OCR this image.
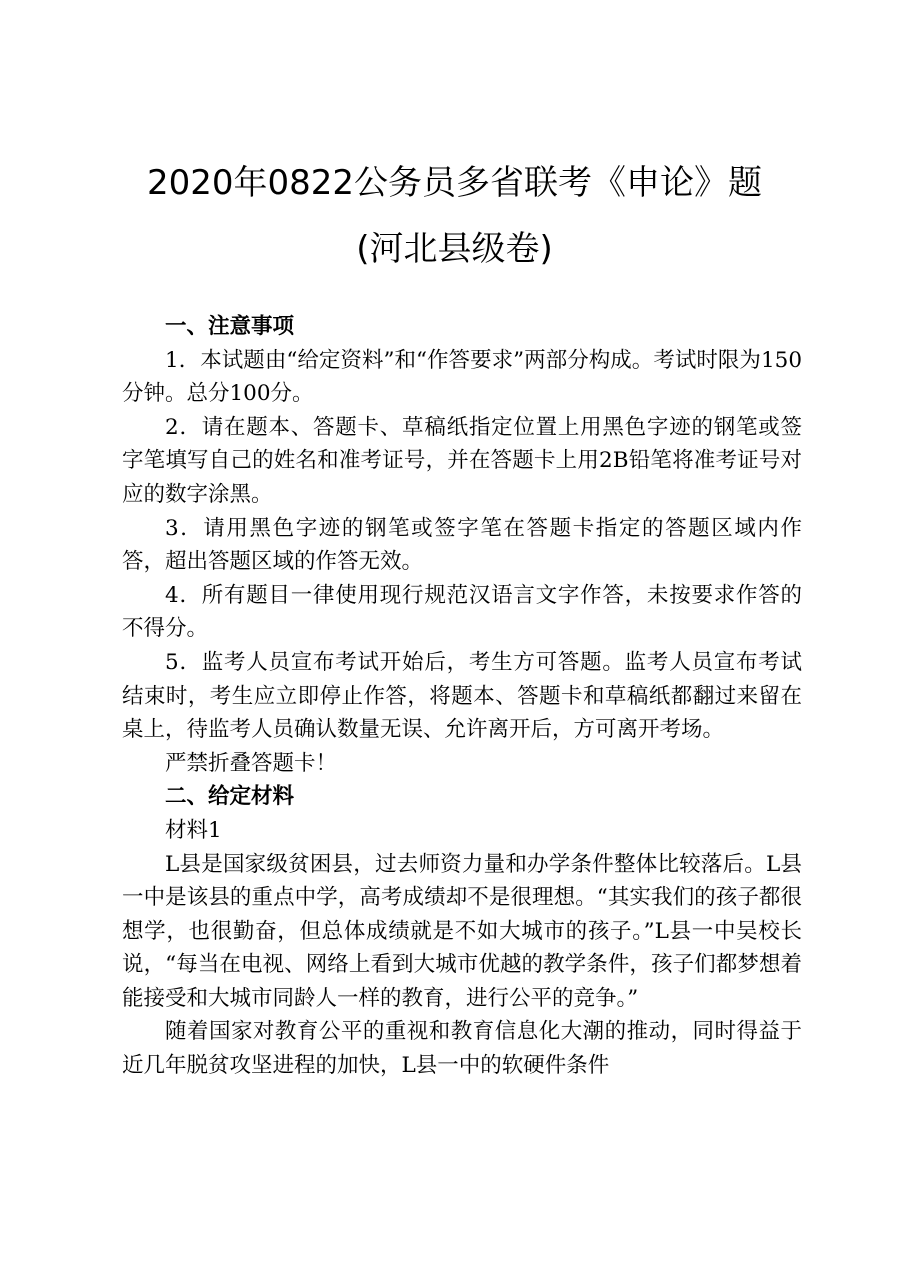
2020年0822公务员多省联考《申论》题
(河北县级卷)

一、注意事项

1．本试题由“给定资料”和“作答要求”两部分构成。考试时限为150分钟。总分100分。

2．请在题本、答题卡、草稿纸指定位置上用黑色字迹的钢笔或签字笔填写自己的姓名和准考证号，并在答题卡上用2B铅笔将准考证号对应的数字涂黑。

3．请用黑色字迹的钢笔或签字笔在答题卡指定的答题区域内作答，超出答题区域的作答无效。

4．所有题目一律使用现行规范汉语言文字作答，未按要求作答的不得分。

5．监考人员宣布考试开始后，考生方可答题。监考人员宣布考试结束时，考生应立即停止作答，将题本、答题卡和草稿纸都翻过来留在桌上，待监考人员确认数量无误、允许离开后，方可离开考场。

严禁折叠答题卡！

二、给定材料

材料1

L县是国家级贫困县，过去师资力量和办学条件整体比较落后。L县一中是该县的重点中学，高考成绩却不是很理想。“其实我们的孩子都很想学，也很勤奋，但总体成绩就是不如大城市的孩子。”L县一中吴校长说，“每当在电视、网络上看到大城市优越的教学条件，孩子们都梦想着能接受和大城市同龄人一样的教育，进行公平的竞争。”

随着国家对教育公平的重视和教育信息化大潮的推动，同时得益于近几年脱贫攻坚进程的加快，L县一中的软硬件条件
